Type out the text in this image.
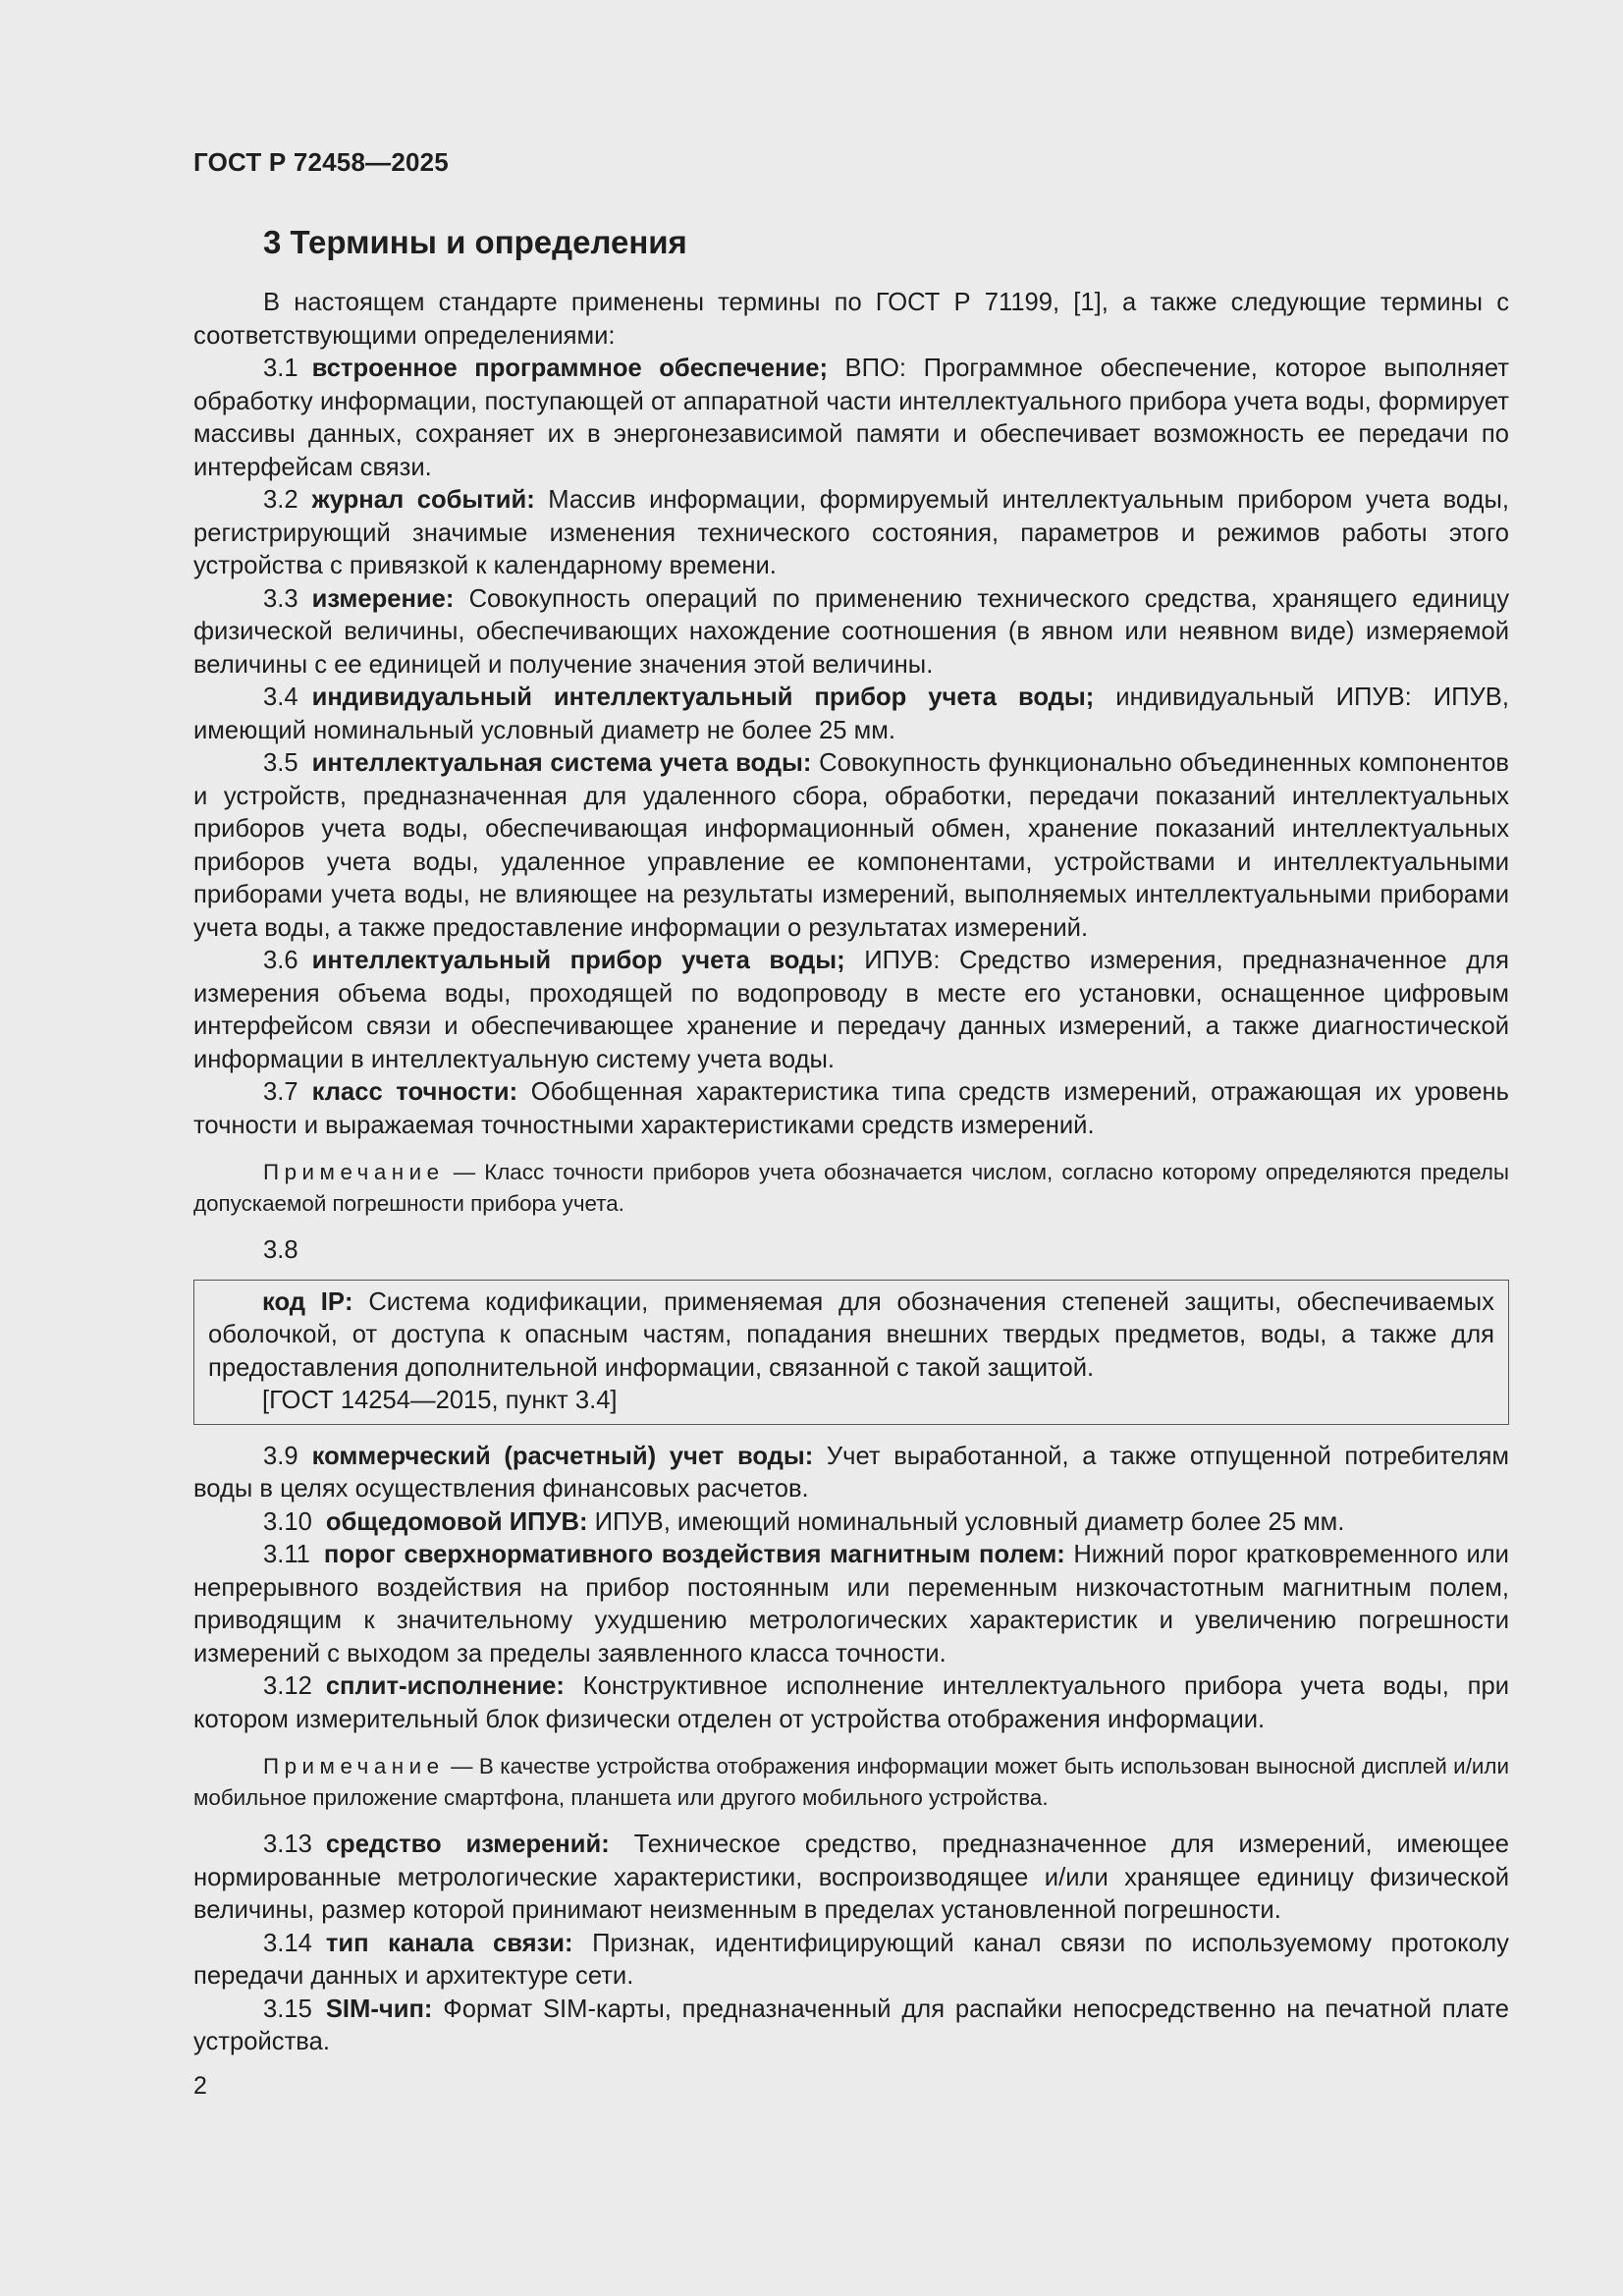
ГОСТ Р 72458—2025
3 Термины и определения

В настоящем стандарте применены термины по ГОСТ Р 71199, [1], а также следующие термины с соответствующими определениями:

3.1 встроенное программное обеспечение; ВПО: Программное обеспечение, которое выполняет обработку информации, поступающей от аппаратной части интеллектуального прибора учета воды, формирует массивы данных, сохраняет их в энергонезависимой памяти и обеспечивает возможность ее передачи по интерфейсам связи.

3.2 журнал событий: Массив информации, формируемый интеллектуальным прибором учета воды, регистрирующий значимые изменения технического состояния, параметров и режимов работы этого устройства с привязкой к календарному времени.

3.3 измерение: Совокупность операций по применению технического средства, хранящего единицу физической величины, обеспечивающих нахождение соотношения (в явном или неявном виде) измеряемой величины с ее единицей и получение значения этой величины.

3.4 индивидуальный интеллектуальный прибор учета воды; индивидуальный ИПУВ: ИПУВ, имеющий номинальный условный диаметр не более 25 мм.

3.5 интеллектуальная система учета воды: Совокупность функционально объединенных компонентов и устройств, предназначенная для удаленного сбора, обработки, передачи показаний интеллектуальных приборов учета воды, обеспечивающая информационный обмен, хранение показаний интеллектуальных приборов учета воды, удаленное управление ее компонентами, устройствами и интеллектуальными приборами учета воды, не влияющее на результаты измерений, выполняемых интеллектуальными приборами учета воды, а также предоставление информации о результатах измерений.

3.6 интеллектуальный прибор учета воды; ИПУВ: Средство измерения, предназначенное для измерения объема воды, проходящей по водопроводу в месте его установки, оснащенное цифровым интерфейсом связи и обеспечивающее хранение и передачу данных измерений, а также диагностической информации в интеллектуальную систему учета воды.

3.7 класс точности: Обобщенная характеристика типа средств измерений, отражающая их уровень точности и выражаемая точностными характеристиками средств измерений.

Примечание — Класс точности приборов учета обозначается числом, согласно которому определяются пределы допускаемой погрешности прибора учета.

3.8

код IP: Система кодификации, применяемая для обозначения степеней защиты, обеспечиваемых оболочкой, от доступа к опасным частям, попадания внешних твердых предметов, воды, а также для предоставления дополнительной информации, связанной с такой защитой.

[ГОСТ 14254—2015, пункт 3.4]

3.9 коммерческий (расчетный) учет воды: Учет выработанной, а также отпущенной потребителям воды в целях осуществления финансовых расчетов.

3.10 общедомовой ИПУВ: ИПУВ, имеющий номинальный условный диаметр более 25 мм.

3.11 порог сверхнормативного воздействия магнитным полем: Нижний порог кратковременного или непрерывного воздействия на прибор постоянным или переменным низкочастотным магнитным полем, приводящим к значительному ухудшению метрологических характеристик и увеличению погрешности измерений с выходом за пределы заявленного класса точности.

3.12 сплит-исполнение: Конструктивное исполнение интеллектуального прибора учета воды, при котором измерительный блок физически отделен от устройства отображения информации.

Примечание — В качестве устройства отображения информации может быть использован выносной дисплей и/или мобильное приложение смартфона, планшета или другого мобильного устройства.

3.13 средство измерений: Техническое средство, предназначенное для измерений, имеющее нормированные метрологические характеристики, воспроизводящее и/или хранящее единицу физической величины, размер которой принимают неизменным в пределах установленной погрешности.

3.14 тип канала связи: Признак, идентифицирующий канал связи по используемому протоколу передачи данных и архитектуре сети.

3.15 SIM-чип: Формат SIM-карты, предназначенный для распайки непосредственно на печатной плате устройства.

2
